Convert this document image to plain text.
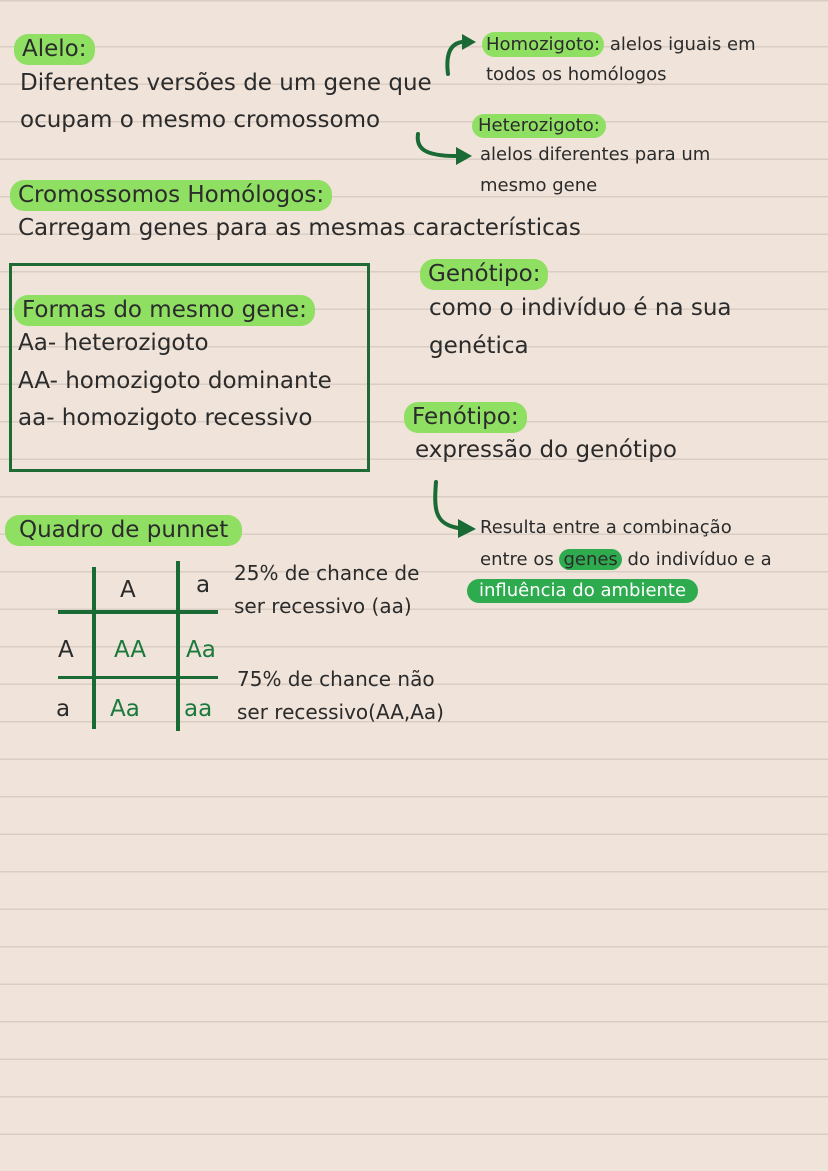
Alelo:
Diferentes versões de um gene que
ocupam o mesmo cromossomo
Homozigoto: alelos iguais em
todos os homólogos
Heterozigoto:
alelos diferentes para um
mesmo gene
Cromossomos Homólogos:
Carregam genes para as mesmas características
Formas do mesmo gene:
Aa- heterozigoto
AA- homozigoto dominante
aa- homozigoto recessivo
Genótipo:
como o indivíduo é na sua
genética
Fenótipo:
expressão do genótipo
Resulta entre a combinação
entre os genes do indivíduo e a
influência do ambiente
Quadro de punnet
A	a
A
a
AA Aa
Aa aa
25% de chance de
ser recessivo (aa)
75% de chance não
ser recessivo(AA,Aa)
